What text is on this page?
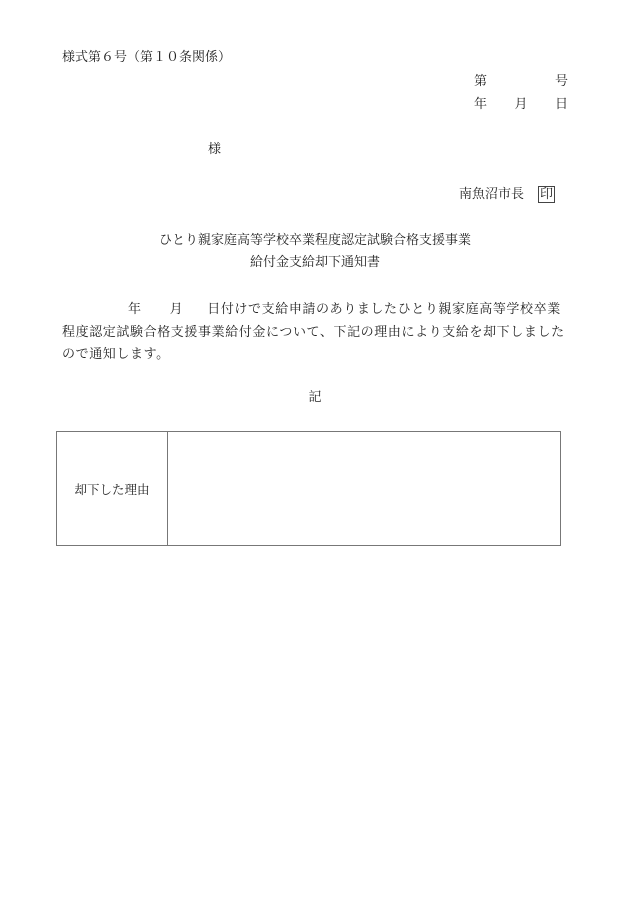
様式第６号（第１０条関係）
第	号
年 月 日
様
南魚沼市長 印
ひとり親家庭高等学校卒業程度認定試験合格支援事業
給付金支給却下通知書
年 月 日付けで支給申請のありましたひとり親家庭高等学校卒業
程度認定試験合格支援事業給付金について、下記の理由により支給を却下しました
ので通知します。
記
却下した理由
